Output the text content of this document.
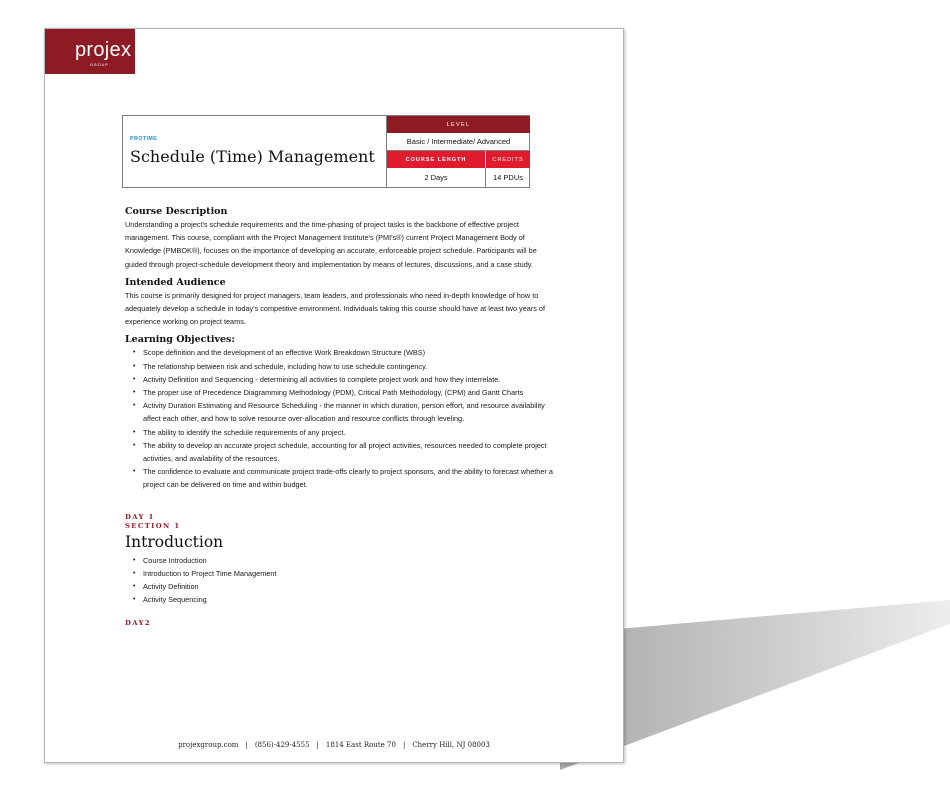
projex
GROUP
PROTIME
Schedule (Time) Management
LEVEL
Basic / Intermediate/ Advanced
COURSE LENGTH	CREDITS
2 Days	14 PDUs
Course Description

Understanding a project's schedule requirements and the time-phasing of project tasks is the backbone of effective project management. This course, compliant with the Project Management Institute's (PMI's®) current Project Management Body of Knowledge (PMBOK®), focuses on the importance of developing an accurate, enforceable project schedule. Participants will be guided through project-schedule development theory and implementation by means of lectures, discussions, and a case study.

Intended Audience

This course is primarily designed for project managers, team leaders, and professionals who need in-depth knowledge of how to adequately develop a schedule in today's competitive environment. Individuals taking this course should have at least two years of experience working on project teams.

Learning Objectives:
• Scope definition and the development of an effective Work Breakdown Structure (WBS)
• The relationship between risk and schedule, including how to use schedule contingency.
• Activity Definition and Sequencing - determining all activities to complete project work and how they interrelate.
• The proper use of Precedence Diagramming Methodology (PDM), Critical Path Methodology, (CPM) and Gantt Charts
• Activity Duration Estimating and Resource Scheduling - the manner in which duration, person effort, and resource availability affect each other, and how to solve resource over-allocation and resource conflicts through leveling.
• The ability to identify the schedule requirements of any project.
• The ability to develop an accurate project schedule, accounting for all project activities, resources needed to complete project activities, and availability of the resources.
• The confidence to evaluate and communicate project trade-offs clearly to project sponsors, and the ability to forecast whether a project can be delivered on time and within budget.
DAY 1
SECTION 1
Introduction
• Course Introduction
• Introduction to Project Time Management
• Activity Definition
• Activity Sequencing
DAY2
projexgroup.com | (856)-429-4555 | 1814 East Route 70 | Cherry Hill, NJ 08003
